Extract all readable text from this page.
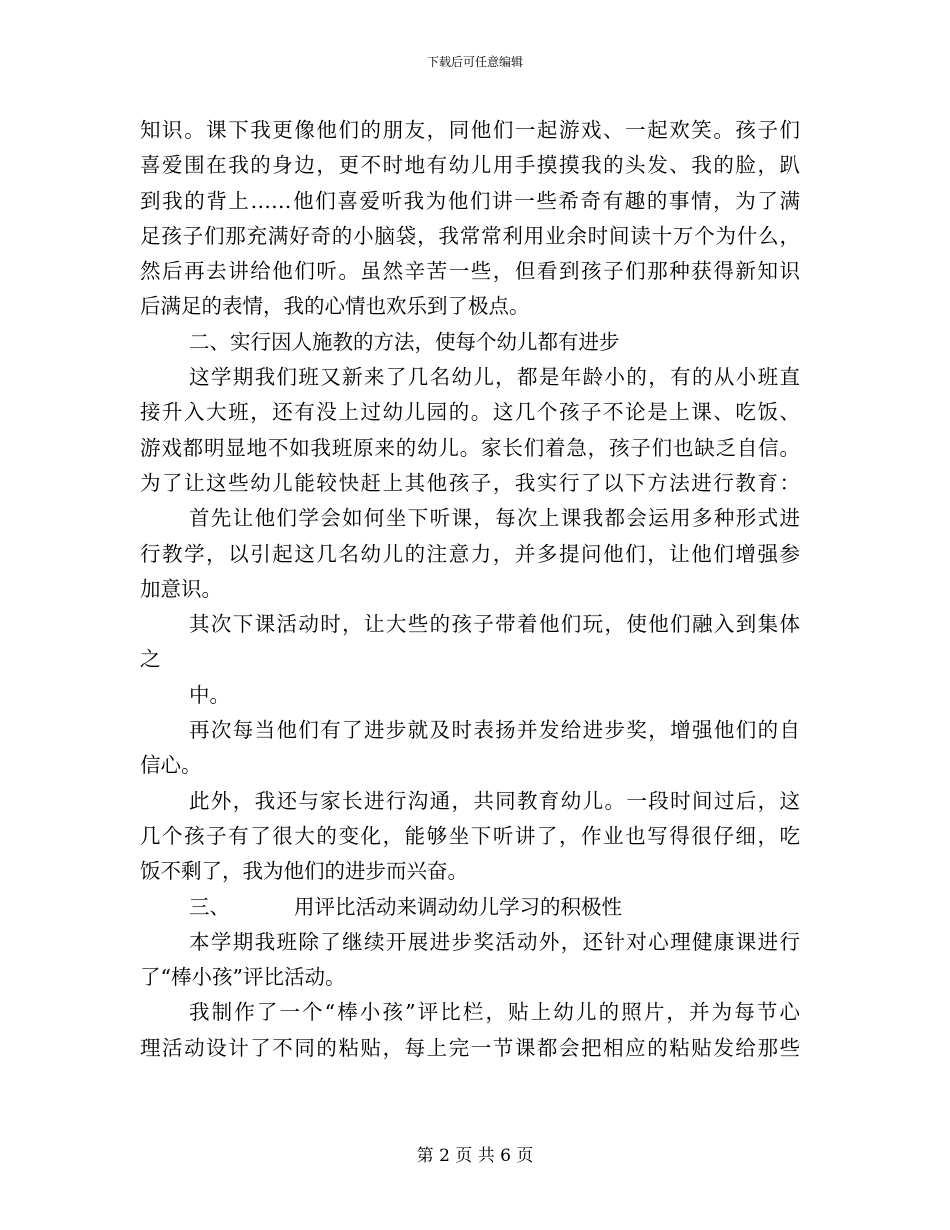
下载后可任意编辑
知识。课下我更像他们的朋友，同他们一起游戏、一起欢笑。孩子们
喜爱围在我的身边，更不时地有幼儿用手摸摸我的头发、我的脸，趴
到我的背上……他们喜爱听我为他们讲一些希奇有趣的事情，为了满
足孩子们那充满好奇的小脑袋，我常常利用业余时间读十万个为什么，
然后再去讲给他们听。虽然辛苦一些，但看到孩子们那种获得新知识
后满足的表情，我的心情也欢乐到了极点。
二、实行因人施教的方法，使每个幼儿都有进步
这学期我们班又新来了几名幼儿，都是年龄小的，有的从小班直
接升入大班，还有没上过幼儿园的。这几个孩子不论是上课、吃饭、
游戏都明显地不如我班原来的幼儿。家长们着急，孩子们也缺乏自信。
为了让这些幼儿能较快赶上其他孩子，我实行了以下方法进行教育：
首先让他们学会如何坐下听课，每次上课我都会运用多种形式进
行教学，以引起这几名幼儿的注意力，并多提问他们，让他们增强参
加意识。
其次下课活动时，让大些的孩子带着他们玩，使他们融入到集体
之
中。
再次每当他们有了进步就及时表扬并发给进步奖，增强他们的自
信心。
此外，我还与家长进行沟通，共同教育幼儿。一段时间过后，这
几个孩子有了很大的变化，能够坐下听讲了，作业也写得很仔细，吃
饭不剩了，我为他们的进步而兴奋。
三、	用评比活动来调动幼儿学习的积极性
本学期我班除了继续开展进步奖活动外，还针对心理健康课进行
了“棒小孩”评比活动。
我制作了一个“棒小孩”评比栏，贴上幼儿的照片，并为每节心
理活动设计了不同的粘贴，每上完一节课都会把相应的粘贴发给那些
第 2 页 共 6 页
